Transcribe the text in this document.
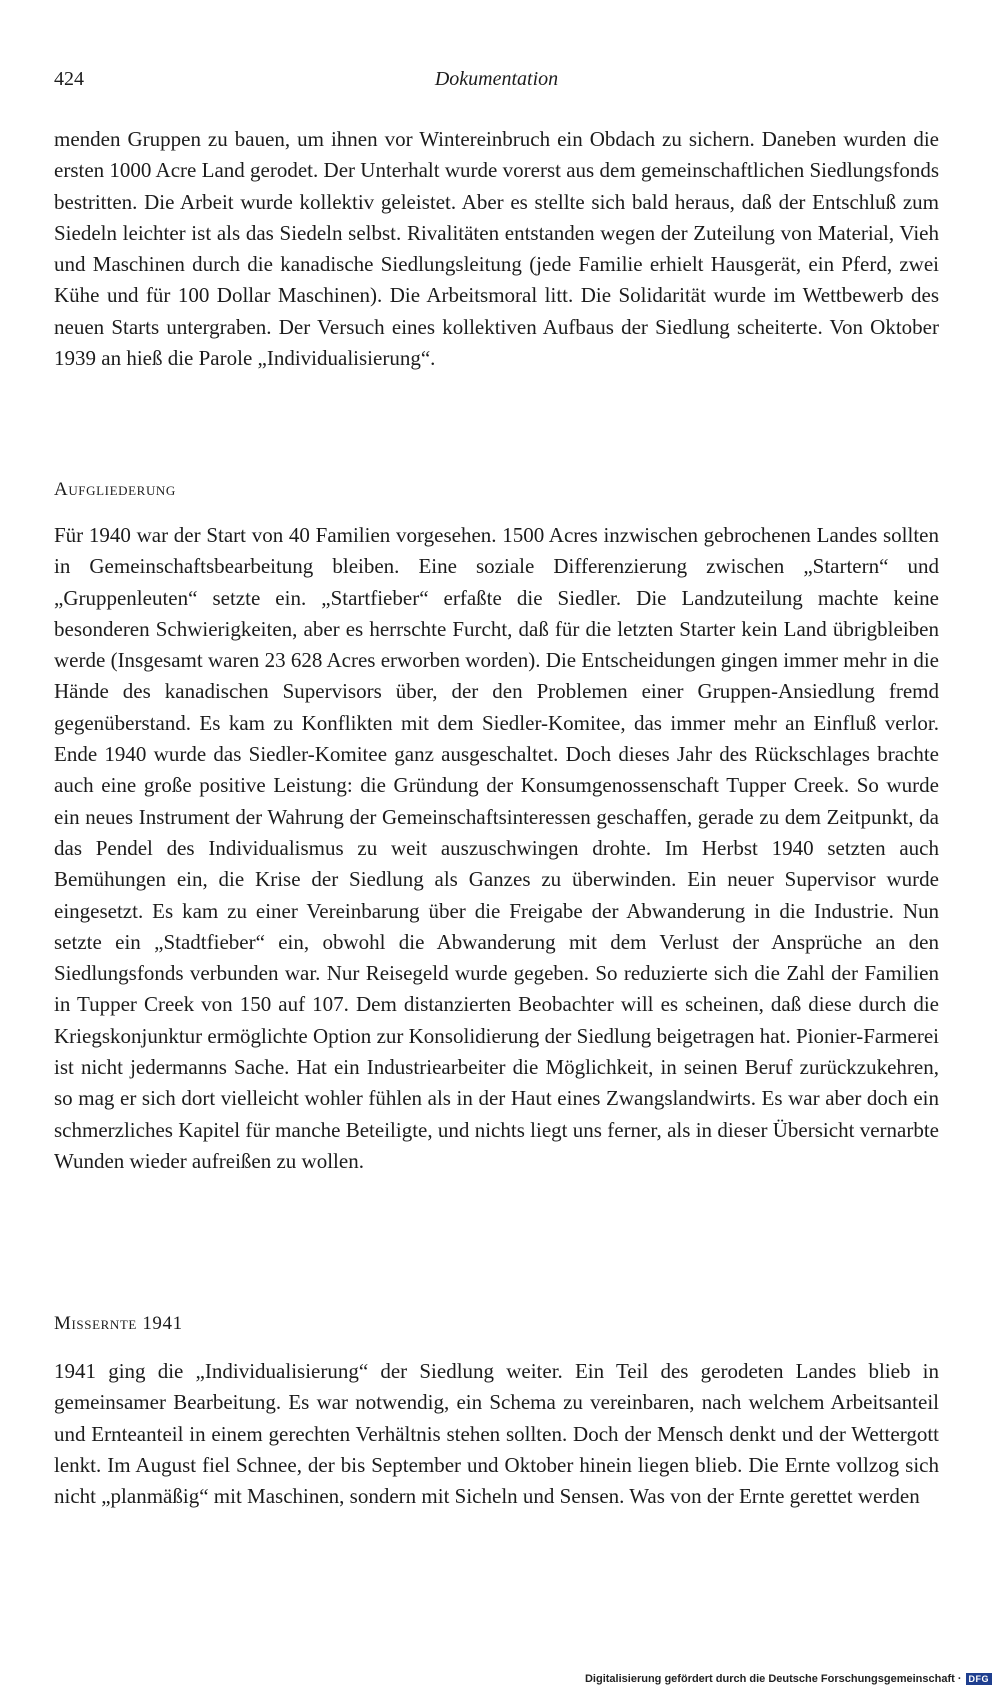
424	Dokumentation

menden Gruppen zu bauen, um ihnen vor Wintereinbruch ein Obdach zu sichern. Daneben wurden die ersten 1000 Acre Land gerodet. Der Unterhalt wurde vorerst aus dem gemeinschaftlichen Siedlungsfonds bestritten. Die Arbeit wurde kollektiv geleistet. Aber es stellte sich bald heraus, daß der Entschluß zum Siedeln leichter ist als das Siedeln selbst. Rivalitäten entstanden wegen der Zuteilung von Material, Vieh und Maschinen durch die kanadische Siedlungsleitung (jede Familie erhielt Hausgerät, ein Pferd, zwei Kühe und für 100 Dollar Maschinen). Die Arbeitsmoral litt. Die Solidarität wurde im Wettbewerb des neuen Starts untergraben. Der Versuch eines kollektiven Aufbaus der Siedlung scheiterte. Von Oktober 1939 an hieß die Parole „Individualisierung“.

Aufgliederung

Für 1940 war der Start von 40 Familien vorgesehen. 1500 Acres inzwischen gebrochenen Landes sollten in Gemeinschaftsbearbeitung bleiben. Eine soziale Differenzierung zwischen „Startern“ und „Gruppenleuten“ setzte ein. „Startfieber“ erfaßte die Siedler. Die Landzuteilung machte keine besonderen Schwierigkeiten, aber es herrschte Furcht, daß für die letzten Starter kein Land übrigbleiben werde (Insgesamt waren 23 628 Acres erworben worden). Die Entscheidungen gingen immer mehr in die Hände des kanadischen Supervisors über, der den Problemen einer Gruppen-Ansiedlung fremd gegenüberstand. Es kam zu Konflikten mit dem Siedler-Komitee, das immer mehr an Einfluß verlor. Ende 1940 wurde das Siedler-Komitee ganz ausgeschaltet. Doch dieses Jahr des Rückschlages brachte auch eine große positive Leistung: die Gründung der Konsumgenossenschaft Tupper Creek. So wurde ein neues Instrument der Wahrung der Gemeinschaftsinteressen geschaffen, gerade zu dem Zeitpunkt, da das Pendel des Individualismus zu weit auszuschwingen drohte. Im Herbst 1940 setzten auch Bemühungen ein, die Krise der Siedlung als Ganzes zu überwinden. Ein neuer Supervisor wurde eingesetzt. Es kam zu einer Vereinbarung über die Freigabe der Abwanderung in die Industrie. Nun setzte ein „Stadtfieber“ ein, obwohl die Abwanderung mit dem Verlust der Ansprüche an den Siedlungsfonds verbunden war. Nur Reisegeld wurde gegeben. So reduzierte sich die Zahl der Familien in Tupper Creek von 150 auf 107. Dem distanzierten Beobachter will es scheinen, daß diese durch die Kriegskonjunktur ermöglichte Option zur Konsolidierung der Siedlung beigetragen hat. Pionier-Farmerei ist nicht jedermanns Sache. Hat ein Industriearbeiter die Möglichkeit, in seinen Beruf zurückzukehren, so mag er sich dort vielleicht wohler fühlen als in der Haut eines Zwangslandwirts. Es war aber doch ein schmerzliches Kapitel für manche Beteiligte, und nichts liegt uns ferner, als in dieser Übersicht vernarbte Wunden wieder aufreißen zu wollen.

Missernte 1941

1941 ging die „Individualisierung“ der Siedlung weiter. Ein Teil des gerodeten Landes blieb in gemeinsamer Bearbeitung. Es war notwendig, ein Schema zu vereinbaren, nach welchem Arbeitsanteil und Ernteanteil in einem gerechten Verhältnis stehen sollten. Doch der Mensch denkt und der Wettergott lenkt. Im August fiel Schnee, der bis September und Oktober hinein liegen blieb. Die Ernte vollzog sich nicht „planmäßig“ mit Maschinen, sondern mit Sicheln und Sensen. Was von der Ernte gerettet werden

Digitalisierung gefördert durch die Deutsche Forschungsgemeinschaft · DFG
